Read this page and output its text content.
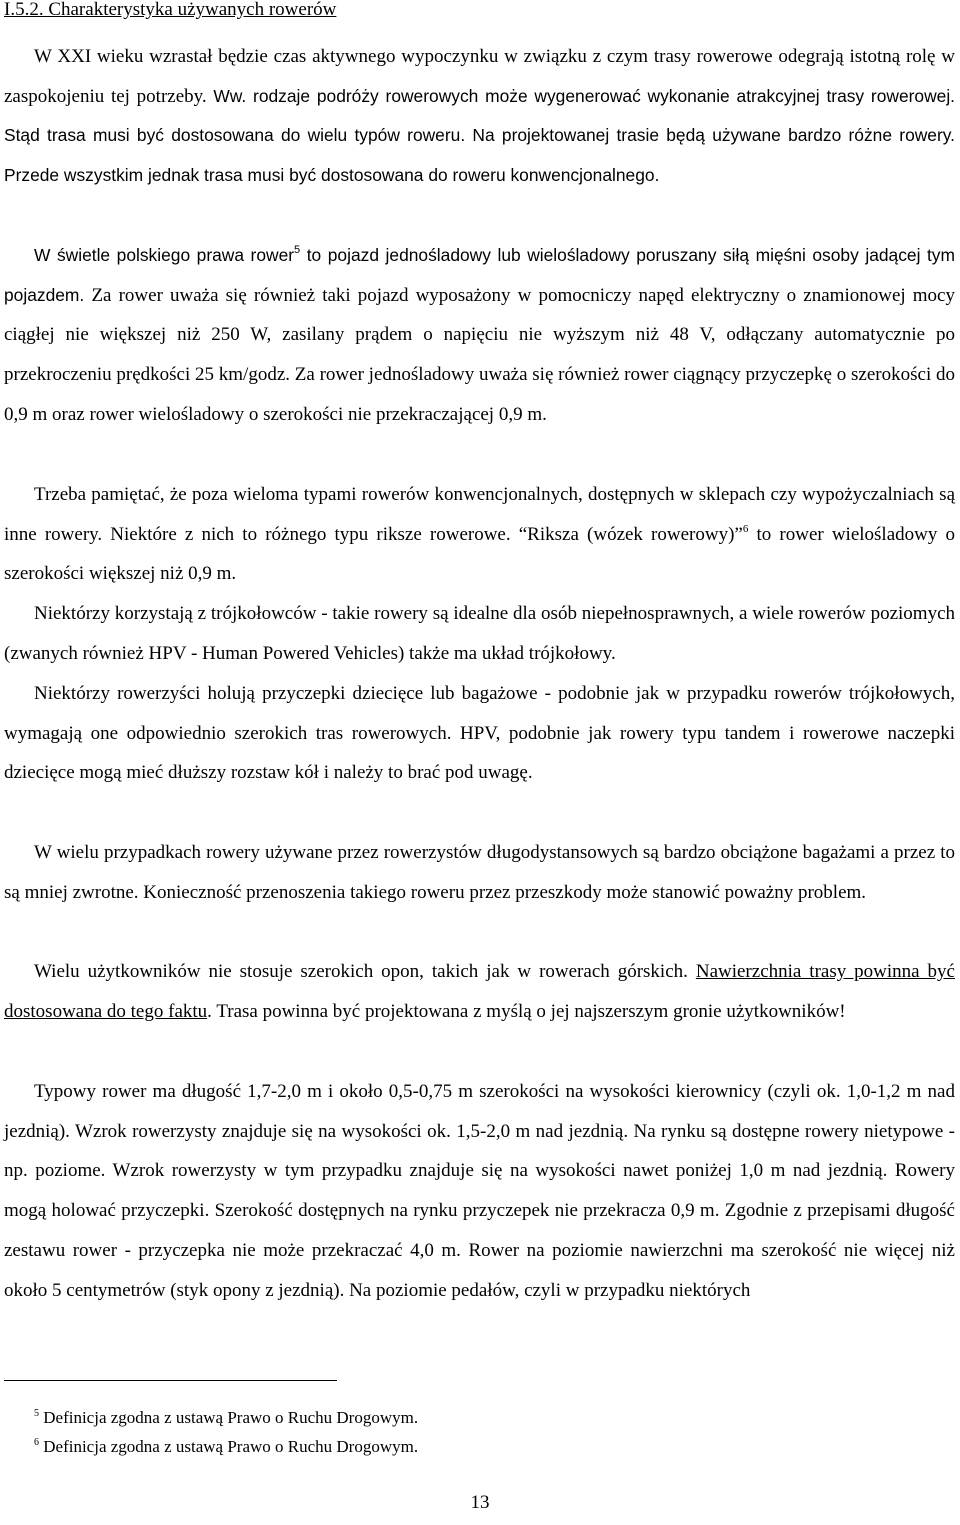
I.5.2. Charakterystyka używanych rowerów

W XXI wieku wzrastał będzie czas aktywnego wypoczynku w związku z czym trasy rowerowe odegrają istotną rolę w zaspokojeniu tej potrzeby. Ww. rodzaje podróży rowerowych może wygenerować wykonanie atrakcyjnej trasy rowerowej. Stąd trasa musi być dostosowana do wielu typów roweru. Na projektowanej trasie będą używane bardzo różne rowery. Przede wszystkim jednak trasa musi być dostosowana do roweru konwencjonalnego.

W świetle polskiego prawa rower$^5$ to pojazd jednośladowy lub wielośladowy poruszany siłą mięśni osoby jadącej tym pojazdem. Za rower uważa się również taki pojazd wyposażony w pomocniczy napęd elektryczny o znamionowej mocy ciągłej nie większej niż 250 W, zasilany prądem o napięciu nie wyższym niż 48 V, odłączany automatycznie po przekroczeniu prędkości 25 km/godz. Za rower jednośladowy uważa się również rower ciągnący przyczepkę o szerokości do 0,9 m oraz rower wielośladowy o szerokości nie przekraczającej 0,9 m.

Trzeba pamiętać, że poza wieloma typami rowerów konwencjonalnych, dostępnych w sklepach czy wypożyczalniach są inne rowery. Niektóre z nich to różnego typu riksze rowerowe. “Riksza (wózek rowerowy)”$^6$ to rower wielośladowy o szerokości większej niż 0,9 m.

Niektórzy korzystają z trójkołowców - takie rowery są idealne dla osób niepełnosprawnych, a wiele rowerów poziomych (zwanych również HPV - Human Powered Vehicles) także ma układ trójkołowy.

Niektórzy rowerzyści holują przyczepki dziecięce lub bagażowe - podobnie jak w przypadku rowerów trójkołowych, wymagają one odpowiednio szerokich tras rowerowych. HPV, podobnie jak rowery typu tandem i rowerowe naczepki dziecięce mogą mieć dłuższy rozstaw kół i należy to brać pod uwagę.

W wielu przypadkach rowery używane przez rowerzystów długodystansowych są bardzo obciążone bagażami a przez to są mniej zwrotne. Konieczność przenoszenia takiego roweru przez przeszkody może stanowić poważny problem.

Wielu użytkowników nie stosuje szerokich opon, takich jak w rowerach górskich. Nawierzchnia trasy powinna być dostosowana do tego faktu. Trasa powinna być projektowana z myślą o jej najszerszym gronie użytkowników!

Typowy rower ma długość 1,7-2,0 m i około 0,5-0,75 m szerokości na wysokości kierownicy (czyli ok. 1,0-1,2 m nad jezdnią). Wzrok rowerzysty znajduje się na wysokości ok. 1,5-2,0 m nad jezdnią. Na rynku są dostępne rowery nietypowe - np. poziome. Wzrok rowerzysty w tym przypadku znajduje się na wysokości nawet poniżej 1,0 m nad jezdnią. Rowery mogą holować przyczepki. Szerokość dostępnych na rynku przyczepek nie przekracza 0,9 m. Zgodnie z przepisami długość zestawu rower - przyczepka nie może przekraczać 4,0 m. Rower na poziomie nawierzchni ma szerokość nie więcej niż około 5 centymetrów (styk opony z jezdnią). Na poziomie pedałów, czyli w przypadku niektórych

$^5$ Definicja zgodna z ustawą Prawo o Ruchu Drogowym.

$^6$ Definicja zgodna z ustawą Prawo o Ruchu Drogowym.

13
